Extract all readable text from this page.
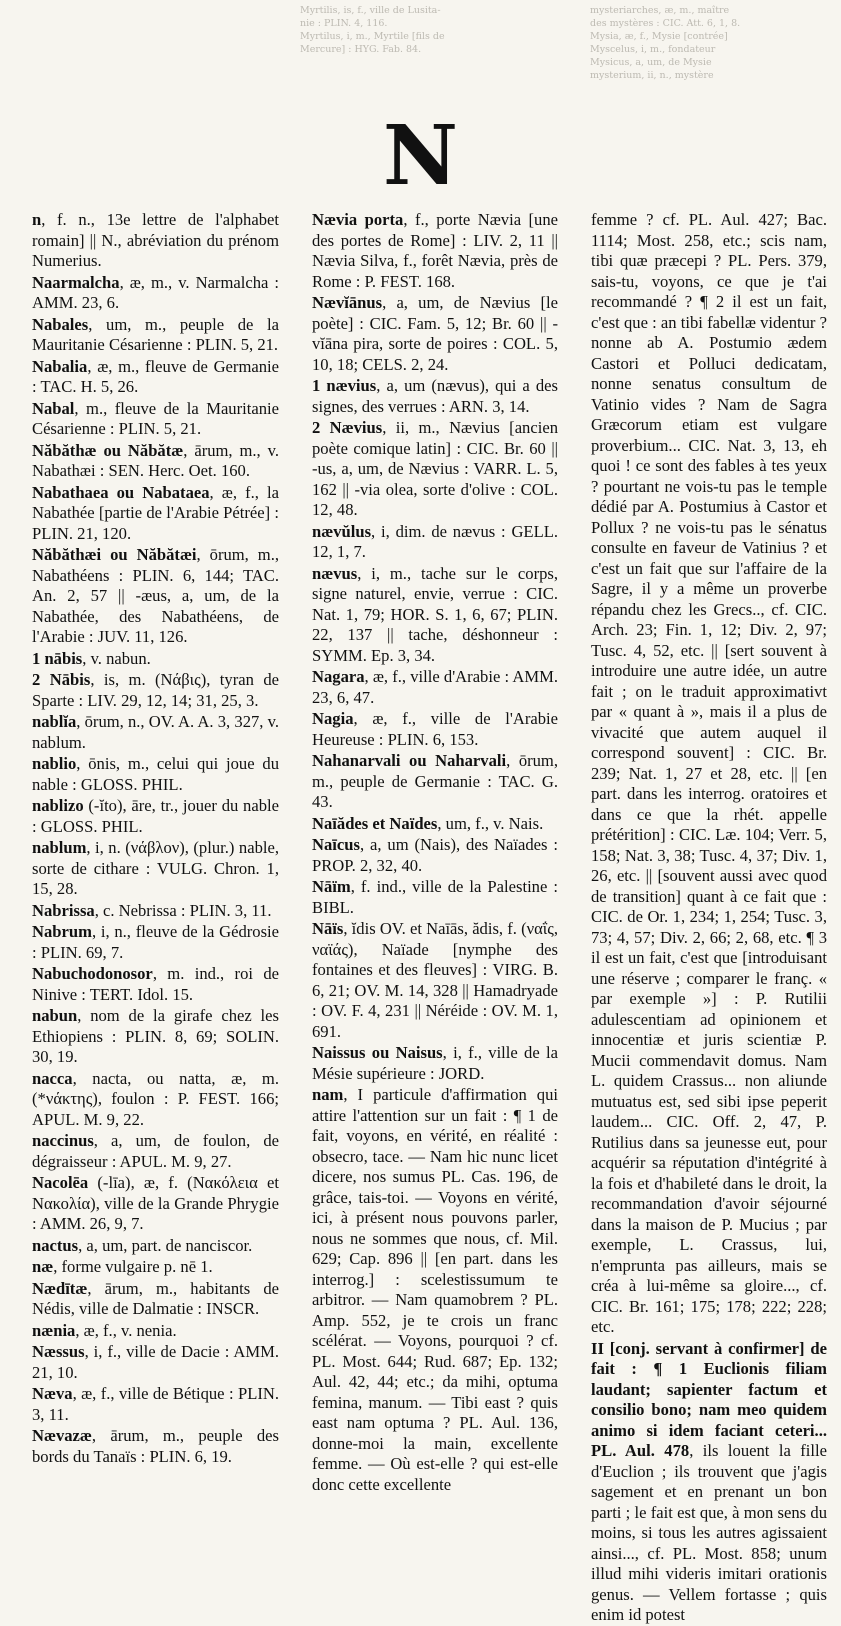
Myrtilis, is, f., ville de Lusita-
nie : PLIN. 4, 116.
Myrtilus, i, m., Myrtile [fils de
Mercure] : HYG. Fab. 84.
mysteriarches, æ, m., maître
des mystères : CIC. Att. 6, 1, 8.
Mysia, æ, f., Mysie [contrée]
Myscelus, i, m., fondateur
Mysicus, a, um, de Mysie
mysterium, ii, n., mystère
N
n, f. n., 13e lettre de l'alphabet romain] || N., abréviation du prénom Numerius.
Naarmalcha, æ, m., v. Narmalcha : AMM. 23, 6.
Nabales, um, m., peuple de la Mauritanie Césarienne : PLIN. 5, 21.
Nabalia, æ, m., fleuve de Germanie : TAC. H. 5, 26.
Nabal, m., fleuve de la Mauritanie Césarienne : PLIN. 5, 21.
Năbăthæ ou Năbătæ, ārum, m., v. Nabathæi : SEN. Herc. Oet. 160.
Nabathaea ou Nabataea, æ, f., la Nabathée [partie de l'Arabie Pétrée] : PLIN. 21, 120.
Năbăthæi ou Năbătæi, ōrum, m., Nabathéens : PLIN. 6, 144; TAC. An. 2, 57 || -æus, a, um, de la Nabathée, des Nabathéens, de l'Arabie : JUV. 11, 126.
1 nābis, v. nabun.
2 Nābis, is, m. (Νάβις), tyran de Sparte : LIV. 29, 12, 14; 31, 25, 3.
nablĭa, ōrum, n., OV. A. A. 3, 327, v. nablum.
nablio, ōnis, m., celui qui joue du nable : GLOSS. PHIL.
nablizo (-ĭto), āre, tr., jouer du nable : GLOSS. PHIL.
nablum, i, n. (νάβλον), (plur.) nable, sorte de cithare : VULG. Chron. 1, 15, 28.
Nabrissa, c. Nebrissa : PLIN. 3, 11.
Nabrum, i, n., fleuve de la Gédrosie : PLIN. 69, 7.
Nabuchodonosor, m. ind., roi de Ninive : TERT. Idol. 15.
nabun, nom de la girafe chez les Ethiopiens : PLIN. 8, 69; SOLIN. 30, 19.
nacca, nacta, ou natta, æ, m. (*νάκτης), foulon : P. FEST. 166; APUL. M. 9, 22.
naccinus, a, um, de foulon, de dégraisseur : APUL. M. 9, 27.
Nacolēa (-līa), æ, f. (Νακόλεια et Νακολία), ville de la Grande Phrygie : AMM. 26, 9, 7.
nactus, a, um, part. de nanciscor.
næ, forme vulgaire p. nē 1.
Nædītæ, ārum, m., habitants de Nédis, ville de Dalmatie : INSCR.
nænia, æ, f., v. nenia.
Næssus, i, f., ville de Dacie : AMM. 21, 10.
Næva, æ, f., ville de Bétique : PLIN. 3, 11.
Nævazæ, ārum, m., peuple des bords du Tanaïs : PLIN. 6, 19.
Nævia porta, f., porte Nævia [une des portes de Rome] : LIV. 2, 11 || Nævia Silva, f., forêt Nævia, près de Rome : P. FEST. 168.
Nævĭānus, a, um, de Nævius [le poète] : CIC. Fam. 5, 12; Br. 60 || -vĭāna pira, sorte de poires : COL. 5, 10, 18; CELS. 2, 24.
1 nævius, a, um (nævus), qui a des signes, des verrues : ARN. 3, 14.
2 Nævius, ii, m., Nævius [ancien poète comique latin] : CIC. Br. 60 || -us, a, um, de Nævius : VARR. L. 5, 162 || -via olea, sorte d'olive : COL. 12, 48.
nævŭlus, i, dim. de nævus : GELL. 12, 1, 7.
nævus, i, m., tache sur le corps, signe naturel, envie, verrue : CIC. Nat. 1, 79; HOR. S. 1, 6, 67; PLIN. 22, 137 || tache, déshonneur : SYMM. Ep. 3, 34.
Nagara, æ, f., ville d'Arabie : AMM. 23, 6, 47.
Nagia, æ, f., ville de l'Arabie Heureuse : PLIN. 6, 153.
Nahanarvali ou Naharvali, ōrum, m., peuple de Germanie : TAC. G. 43.
Naīădes et Naïdes, um, f., v. Nais.
Naīcus, a, um (Nais), des Naïades : PROP. 2, 32, 40.
Nāïm, f. ind., ville de la Palestine : BIBL.
Nāïs, ĭdis OV. et Naīās, ădis, f. (ναΐς, ναϊάς), Naïade [nymphe des fontaines et des fleuves] : VIRG. B. 6, 21; OV. M. 14, 328 || Hamadryade : OV. F. 4, 231 || Néréide : OV. M. 1, 691.
Naissus ou Naisus, i, f., ville de la Mésie supérieure : JORD.
nam, I particule d'affirmation qui attire l'attention sur un fait : ¶ 1 de fait, voyons, en vérité, en réalité : obsecro, tace. — Nam hic nunc licet dicere, nos sumus PL. Cas. 196, de grâce, tais-toi. — Voyons en vérité, ici, à présent nous pouvons parler, nous ne sommes que nous, cf. Mil. 629; Cap. 896 || [en part. dans les interrog.] : scelestissumum te arbitror. — Nam quamobrem ? PL. Amp. 552, je te crois un franc scélérat. — Voyons, pourquoi ? cf. PL. Most. 644; Rud. 687; Ep. 132; Aul. 42, 44; etc.; da mihi, optuma femina, manum. — Tibi east ? quis east nam optuma ? PL. Aul. 136, donne-moi la main, excellente femme. — Où est-elle ? qui est-elle donc cette excellente
femme ? cf. PL. Aul. 427; Bac. 1114; Most. 258, etc.; scis nam, tibi quæ præcepi ? PL. Pers. 379, sais-tu, voyons, ce que je t'ai recommandé ? ¶ 2 il est un fait, c'est que : an tibi fabellæ videntur ? nonne ab A. Postumio ædem Castori et Polluci dedicatam, nonne senatus consultum de Vatinio vides ? Nam de Sagra Græcorum etiam est vulgare proverbium... CIC. Nat. 3, 13, eh quoi ! ce sont des fables à tes yeux ? pourtant ne vois-tu pas le temple dédié par A. Postumius à Castor et Pollux ? ne vois-tu pas le sénatus consulte en faveur de Vatinius ? et c'est un fait que sur l'affaire de la Sagre, il y a même un proverbe répandu chez les Grecs.., cf. CIC. Arch. 23; Fin. 1, 12; Div. 2, 97; Tusc. 4, 52, etc. || [sert souvent à introduire une autre idée, un autre fait ; on le traduit approximativt par « quant à », mais il a plus de vivacité que autem auquel il correspond souvent] : CIC. Br. 239; Nat. 1, 27 et 28, etc. || [en part. dans les interrog. oratoires et dans ce que la rhét. appelle prétérition] : CIC. Læ. 104; Verr. 5, 158; Nat. 3, 38; Tusc. 4, 37; Div. 1, 26, etc. || [souvent aussi avec quod de transition] quant à ce fait que : CIC. de Or. 1, 234; 1, 254; Tusc. 3, 73; 4, 57; Div. 2, 66; 2, 68, etc. ¶ 3 il est un fait, c'est que [introduisant une réserve ; comparer le franç. « par exemple »] : P. Rutilii adulescentiam ad opinionem et innocentiæ et juris scientiæ P. Mucii commendavit domus. Nam L. quidem Crassus... non aliunde mutuatus est, sed sibi ipse peperit laudem... CIC. Off. 2, 47, P. Rutilius dans sa jeunesse eut, pour acquérir sa réputation d'intégrité à la fois et d'habileté dans le droit, la recommandation d'avoir séjourné dans la maison de P. Mucius ; par exemple, L. Crassus, lui, n'emprunta pas ailleurs, mais se créa à lui-même sa gloire..., cf. CIC. Br. 161; 175; 178; 222; 228; etc.
II [conj. servant à confirmer] de fait : ¶ 1 Euclionis filiam laudant; sapienter factum et consilio bono; nam meo quidem animo si idem faciant ceteri... PL. Aul. 478, ils louent la fille d'Euclion ; ils trouvent que j'agis sagement et en prenant un bon parti ; le fait est que, à mon sens du moins, si tous les autres agissaient ainsi..., cf. PL. Most. 858; unum illud mihi videris imitari orationis genus. — Vellem fortasse ; quis enim id potest
